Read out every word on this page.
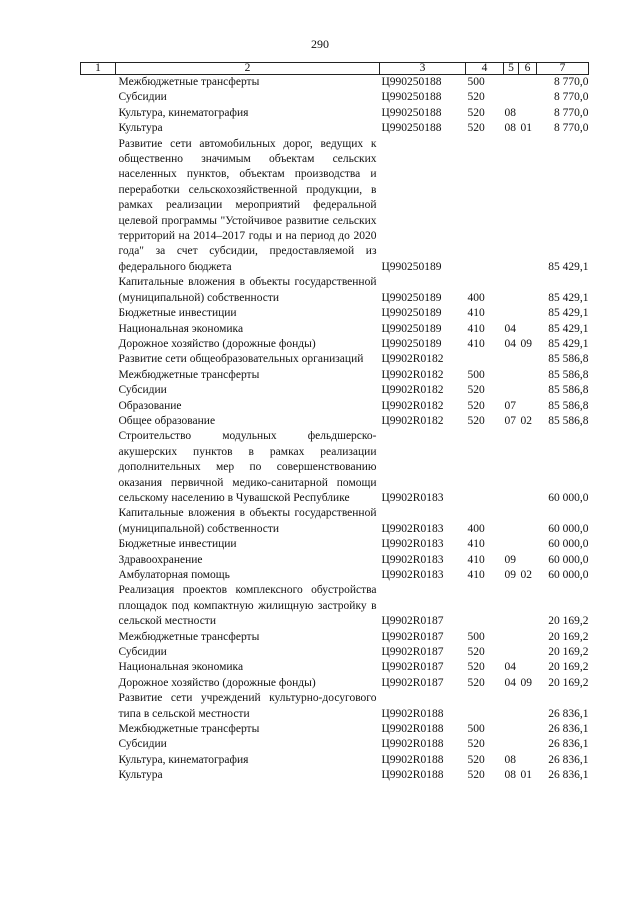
290
1	2	3	4	5	6	7
	Межбюджетные трансферты	Ц990250188	500			8 770,0
	Субсидии	Ц990250188	520			8 770,0
	Культура, кинематография	Ц990250188	520	08		8 770,0
	Культура	Ц990250188	520	08	01	8 770,0
	Развитие сети автомобильных дорог, ведущих к общественно значимым объектам сельских населенных пунктов, объектам производства и переработки сельскохозяйственной продукции, в рамках реализации мероприятий федеральной целевой программы "Устойчивое развитие сельских территорий на 2014–2017 годы и на период до 2020 года" за счет субсидии, предоставляемой из федерального бюджета	Ц990250189				85 429,1
	Капитальные вложения в объекты государственной (муниципальной) собственности	Ц990250189	400			85 429,1
	Бюджетные инвестиции	Ц990250189	410			85 429,1
	Национальная экономика	Ц990250189	410	04		85 429,1
	Дорожное хозяйство (дорожные фонды)	Ц990250189	410	04	09	85 429,1
	Развитие сети общеобразовательных организаций	Ц9902R0182				85 586,8
	Межбюджетные трансферты	Ц9902R0182	500			85 586,8
	Субсидии	Ц9902R0182	520			85 586,8
	Образование	Ц9902R0182	520	07		85 586,8
	Общее образование	Ц9902R0182	520	07	02	85 586,8
	Строительство модульных фельдшерско-акушерских пунктов в рамках реализации дополнительных мер по совершенствованию оказания первичной медико-санитарной помощи сельскому населению в Чувашской Республике	Ц9902R0183				60 000,0
	Капитальные вложения в объекты государственной (муниципальной) собственности	Ц9902R0183	400			60 000,0
	Бюджетные инвестиции	Ц9902R0183	410			60 000,0
	Здравоохранение	Ц9902R0183	410	09		60 000,0
	Амбулаторная помощь	Ц9902R0183	410	09	02	60 000,0
	Реализация проектов комплексного обустройства площадок под компактную жилищную застройку в сельской местности	Ц9902R0187				20 169,2
	Межбюджетные трансферты	Ц9902R0187	500			20 169,2
	Субсидии	Ц9902R0187	520			20 169,2
	Национальная экономика	Ц9902R0187	520	04		20 169,2
	Дорожное хозяйство (дорожные фонды)	Ц9902R0187	520	04	09	20 169,2
	Развитие сети учреждений культурно-досугового типа в сельской местности	Ц9902R0188				26 836,1
	Межбюджетные трансферты	Ц9902R0188	500			26 836,1
	Субсидии	Ц9902R0188	520			26 836,1
	Культура, кинематография	Ц9902R0188	520	08		26 836,1
	Культура	Ц9902R0188	520	08	01	26 836,1
